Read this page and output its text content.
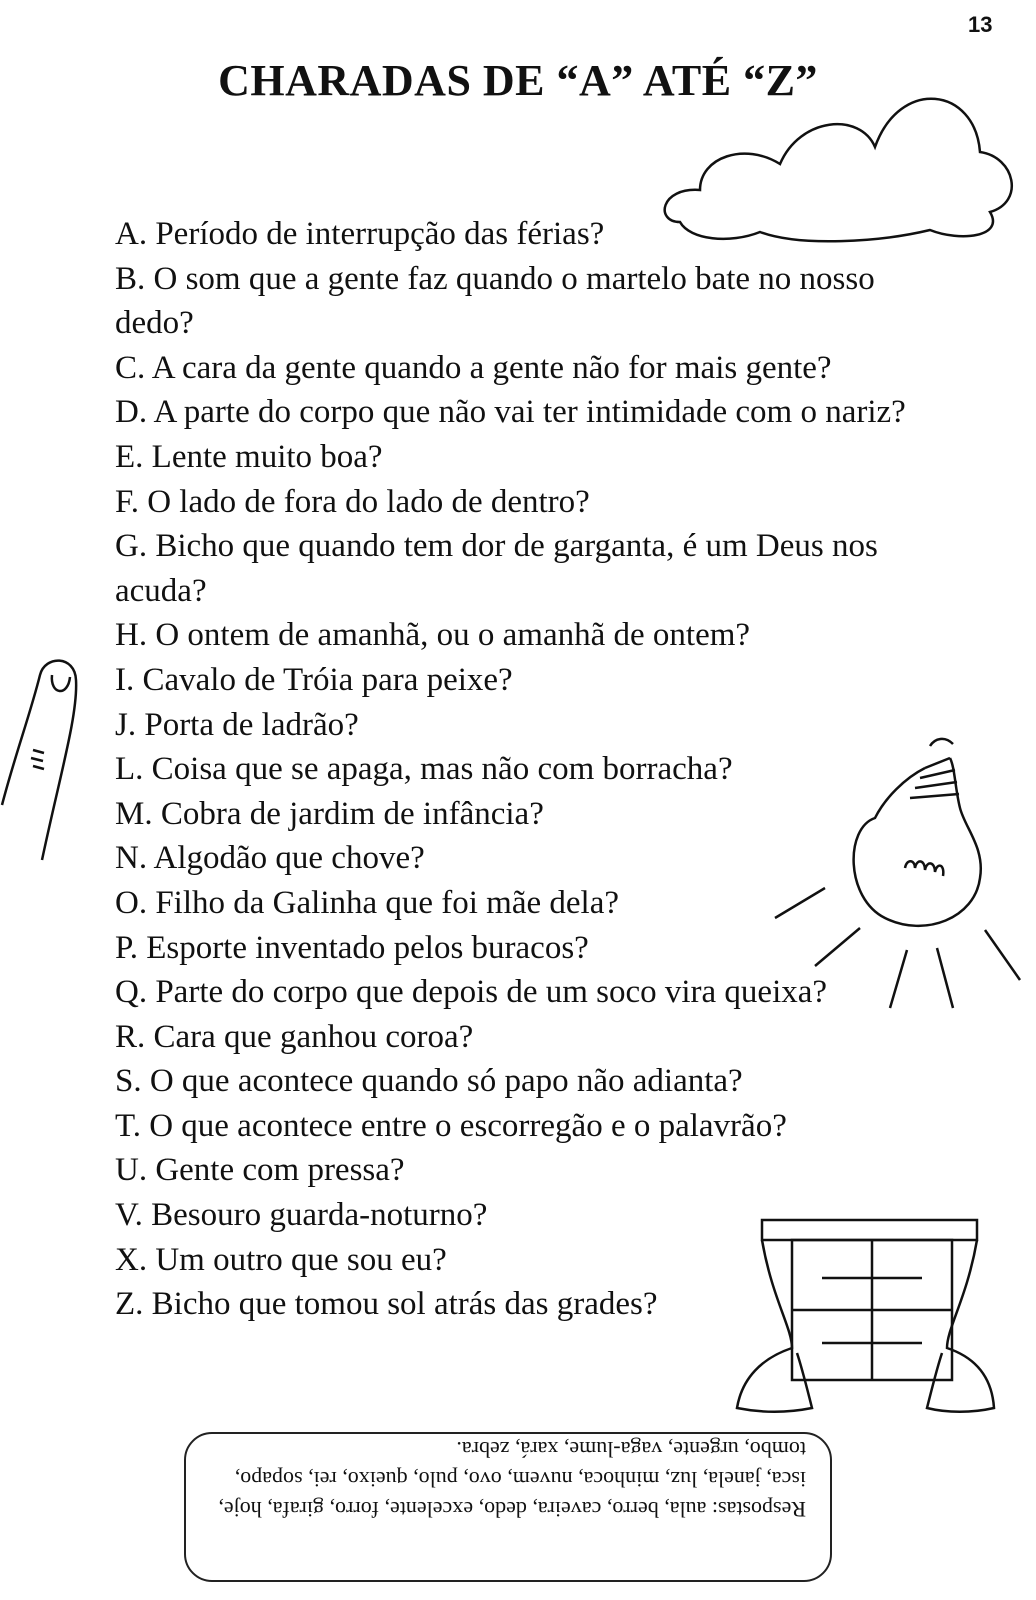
13
CHARADAS DE “A” ATÉ “Z”
A. Período de interrupção das férias?
B. O som que a gente faz quando o martelo bate no nosso dedo?
C. A cara da gente quando a gente não for mais gente?
D. A parte do corpo que não vai ter intimidade com o nariz?
E. Lente muito boa?
F. O lado de fora do lado de dentro?
G. Bicho que quando tem dor de garganta, é um Deus nos acuda?
H. O ontem de amanhã, ou o amanhã de ontem?
I. Cavalo de Tróia para peixe?
J. Porta de ladrão?
L. Coisa que se apaga, mas não com borracha?
M. Cobra de jardim de infância?
N. Algodão que chove?
O. Filho da Galinha que foi mãe dela?
P. Esporte inventado pelos buracos?
Q. Parte do corpo que depois de um soco vira queixa?
R. Cara que ganhou coroa?
S. O que acontece quando só papo não adianta?
T. O que acontece entre o escorregão e o palavrão?
U. Gente com pressa?
V. Besouro guarda-noturno?
X. Um outro que sou eu?
Z. Bicho que tomou sol atrás das grades?
Respostas: aula, berro, caveira, dedo, excelente, forro, girafa, hoje, isca, janela, luz, minhoca, nuvem, ovo, pulo, queixo, rei, sopapo, tombo, urgente, vaga-lume, xará, zebra.
